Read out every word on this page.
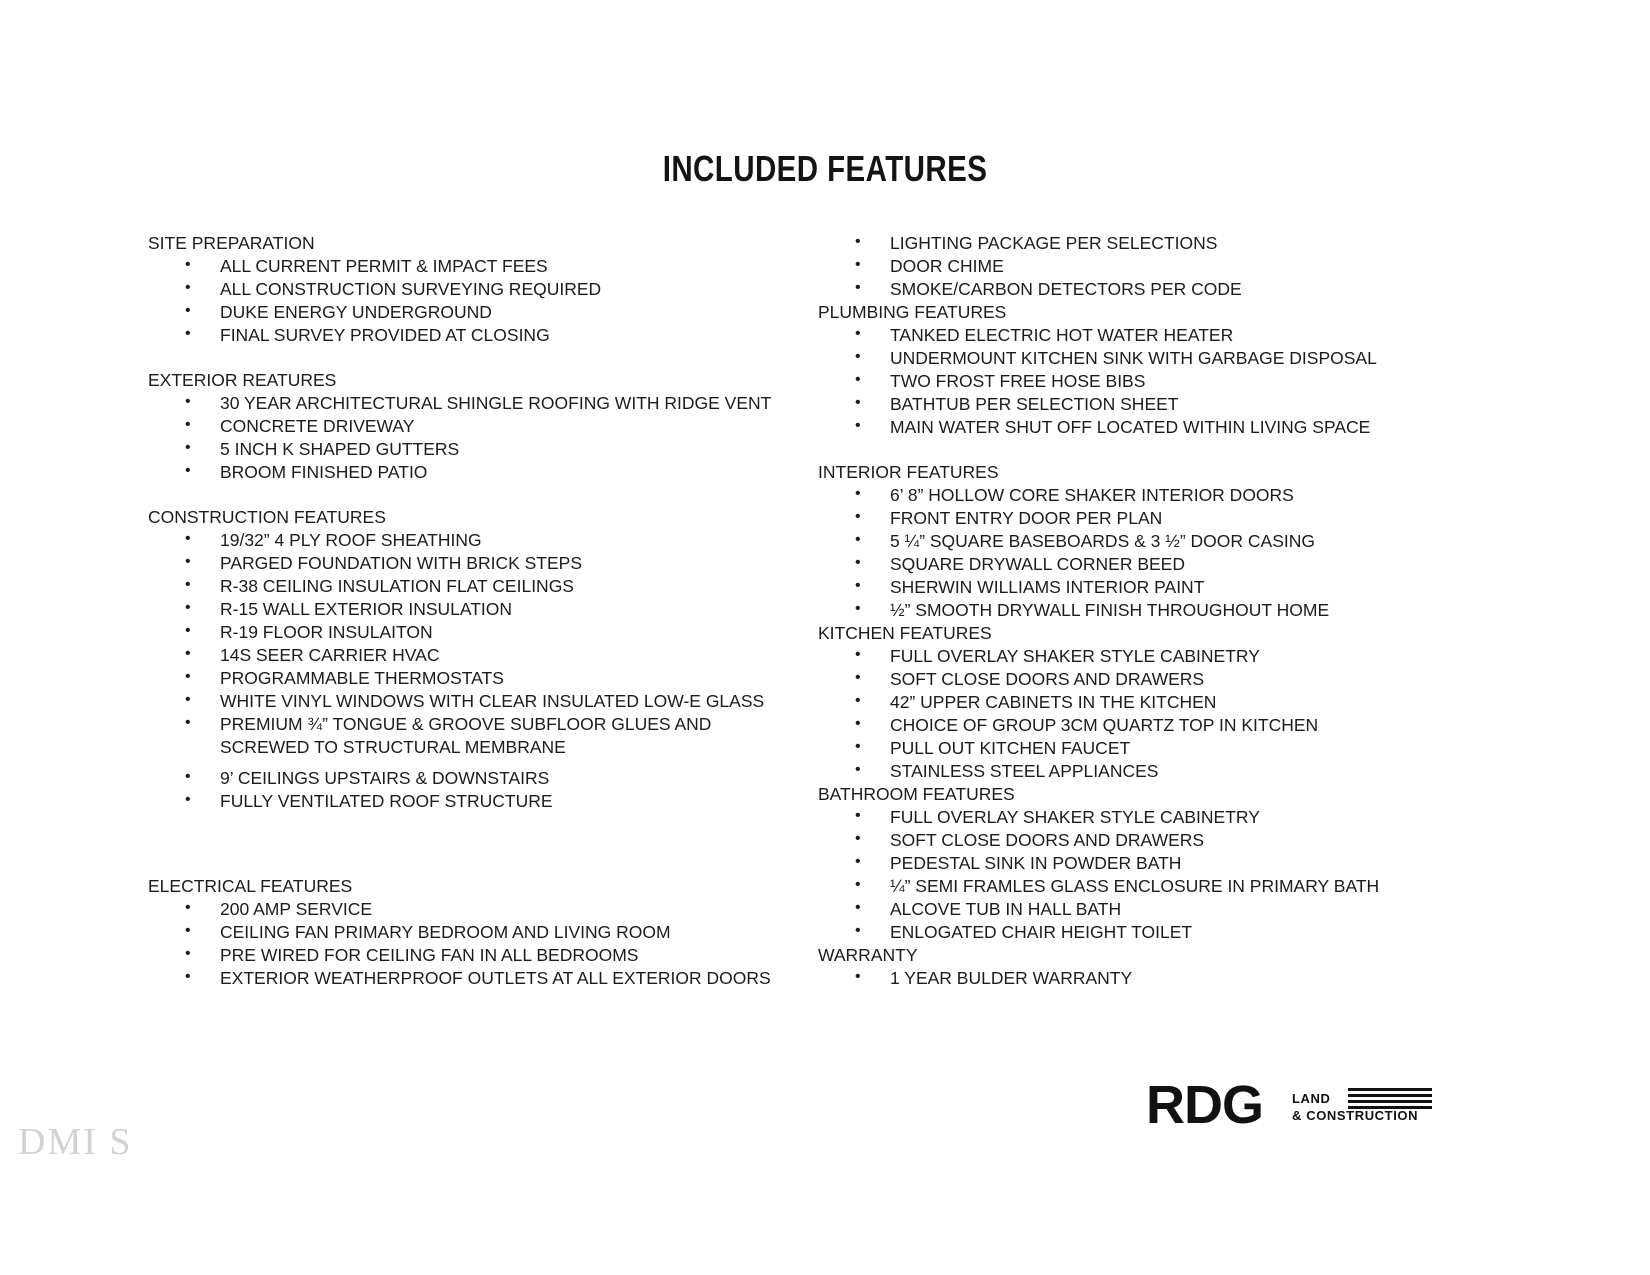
INCLUDED FEATURES
SITE PREPARATION
• ALL CURRENT PERMIT & IMPACT FEES
• ALL CONSTRUCTION SURVEYING REQUIRED
• DUKE ENERGY UNDERGROUND
• FINAL SURVEY PROVIDED AT CLOSING
EXTERIOR REATURES
• 30 YEAR ARCHITECTURAL SHINGLE ROOFING WITH RIDGE VENT
• CONCRETE DRIVEWAY
• 5 INCH K SHAPED GUTTERS
• BROOM FINISHED PATIO
CONSTRUCTION FEATURES
• 19/32” 4 PLY ROOF SHEATHING
• PARGED FOUNDATION WITH BRICK STEPS
• R-38 CEILING INSULATION FLAT CEILINGS
• R-15 WALL EXTERIOR INSULATION
• R-19 FLOOR INSULAITON
• 14S SEER CARRIER HVAC
• PROGRAMMABLE THERMOSTATS
• WHITE VINYL WINDOWS WITH CLEAR INSULATED LOW-E GLASS
• PREMIUM ¾” TONGUE & GROOVE SUBFLOOR GLUES AND SCREWED TO STRUCTURAL MEMBRANE
• 9’ CEILINGS UPSTAIRS & DOWNSTAIRS
• FULLY VENTILATED ROOF STRUCTURE
ELECTRICAL FEATURES
• 200 AMP SERVICE
• CEILING FAN PRIMARY BEDROOM AND LIVING ROOM
• PRE WIRED FOR CEILING FAN IN ALL BEDROOMS
• EXTERIOR WEATHERPROOF OUTLETS AT ALL EXTERIOR DOORS
• LIGHTING PACKAGE PER SELECTIONS
• DOOR CHIME
• SMOKE/CARBON DETECTORS PER CODE
PLUMBING FEATURES
• TANKED ELECTRIC HOT WATER HEATER
• UNDERMOUNT KITCHEN SINK WITH GARBAGE DISPOSAL
• TWO FROST FREE HOSE BIBS
• BATHTUB PER SELECTION SHEET
• MAIN WATER SHUT OFF LOCATED WITHIN LIVING SPACE
INTERIOR FEATURES
• 6’ 8” HOLLOW CORE SHAKER INTERIOR DOORS
• FRONT ENTRY DOOR PER PLAN
• 5 ¼” SQUARE BASEBOARDS & 3 ½” DOOR CASING
• SQUARE DRYWALL CORNER BEED
• SHERWIN WILLIAMS INTERIOR PAINT
• ½” SMOOTH DRYWALL FINISH THROUGHOUT HOME
KITCHEN FEATURES
• FULL OVERLAY SHAKER STYLE CABINETRY
• SOFT CLOSE DOORS AND DRAWERS
• 42” UPPER CABINETS IN THE KITCHEN
• CHOICE OF GROUP 3CM QUARTZ TOP IN KITCHEN
• PULL OUT KITCHEN FAUCET
• STAINLESS STEEL APPLIANCES
BATHROOM FEATURES
• FULL OVERLAY SHAKER STYLE CABINETRY
• SOFT CLOSE DOORS AND DRAWERS
• PEDESTAL SINK IN POWDER BATH
• ¼” SEMI FRAMLES GLASS ENCLOSURE IN PRIMARY BATH
• ALCOVE TUB IN HALL BATH
• ENLOGATED CHAIR HEIGHT TOILET
WARRANTY
• 1 YEAR BULDER WARRANTY
RDG LAND
& CONSTRUCTION
DMI S
